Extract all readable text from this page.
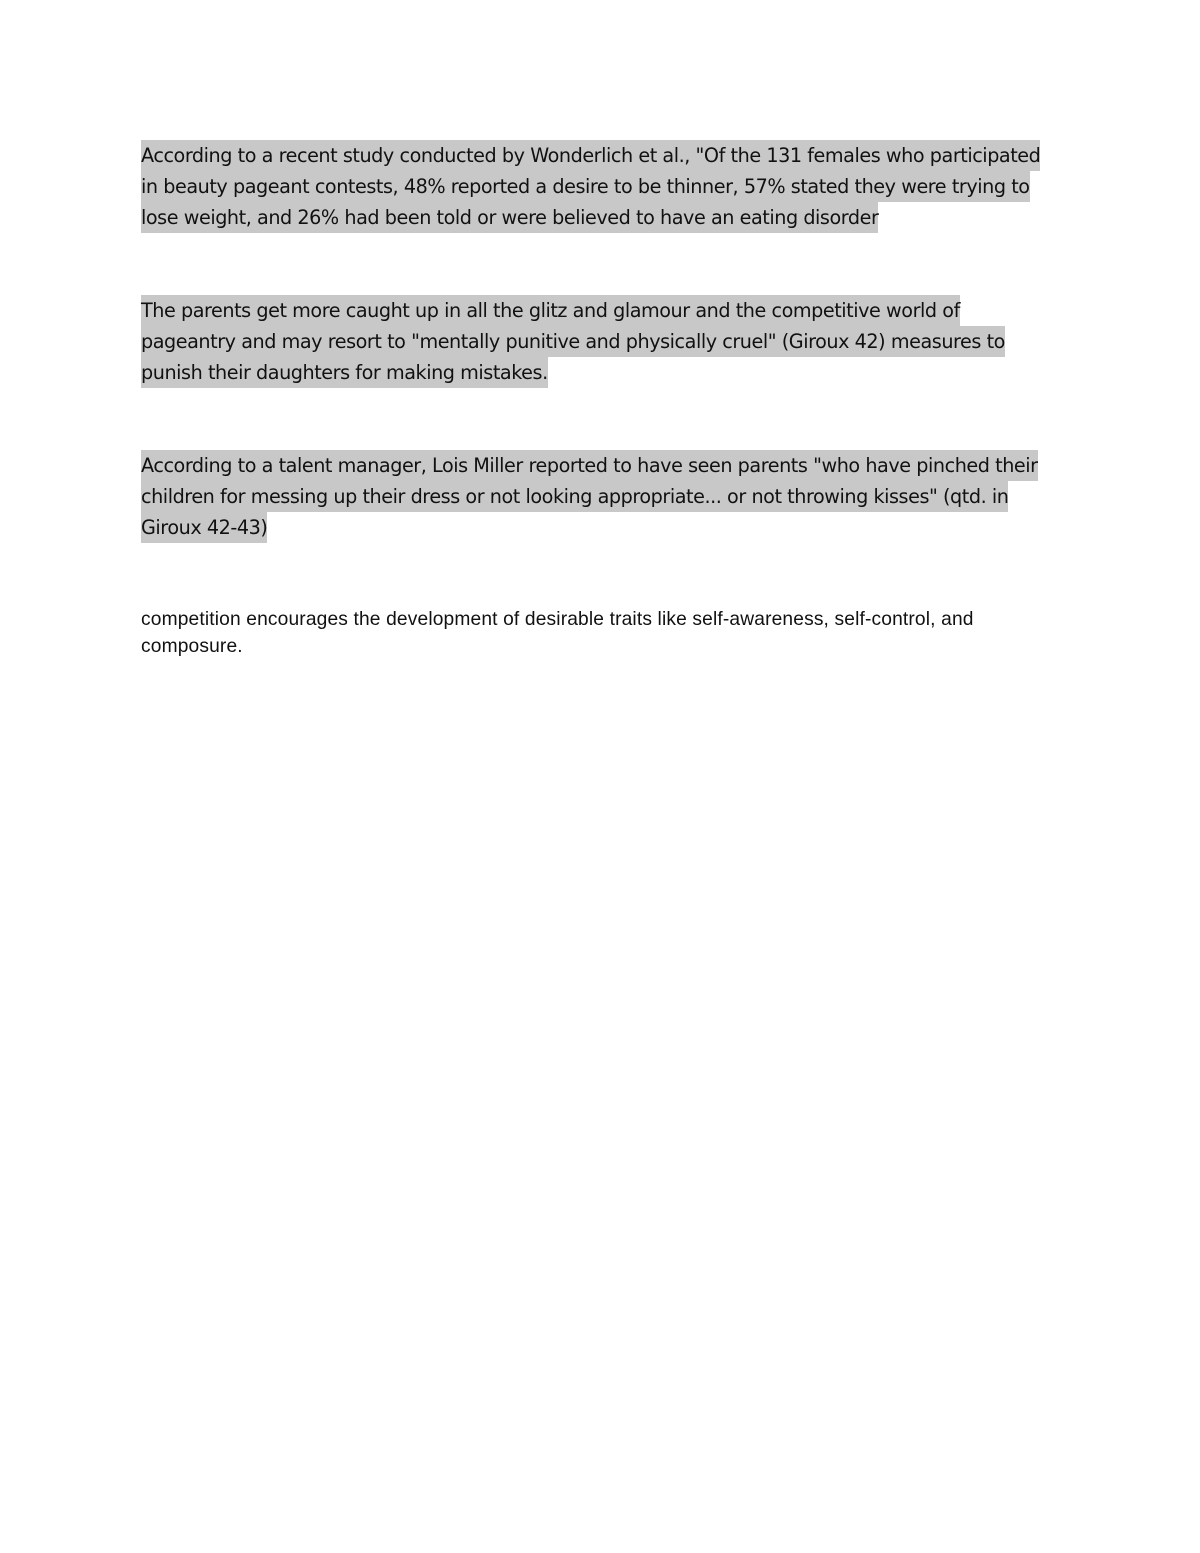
According to a recent study conducted by Wonderlich et al., "Of the 131 females who participated in beauty pageant contests, 48% reported a desire to be thinner, 57% stated they were trying to lose weight, and 26% had been told or were believed to have an eating disorder

The parents get more caught up in all the glitz and glamour and the competitive world of pageantry and may resort to "mentally punitive and physically cruel" (Giroux 42) measures to punish their daughters for making mistakes.

According to a talent manager, Lois Miller reported to have seen parents "who have pinched their children for messing up their dress or not looking appropriate... or not throwing kisses" (qtd. in Giroux 42-43)

competition encourages the development of desirable traits like self-awareness, self-control, and composure.
